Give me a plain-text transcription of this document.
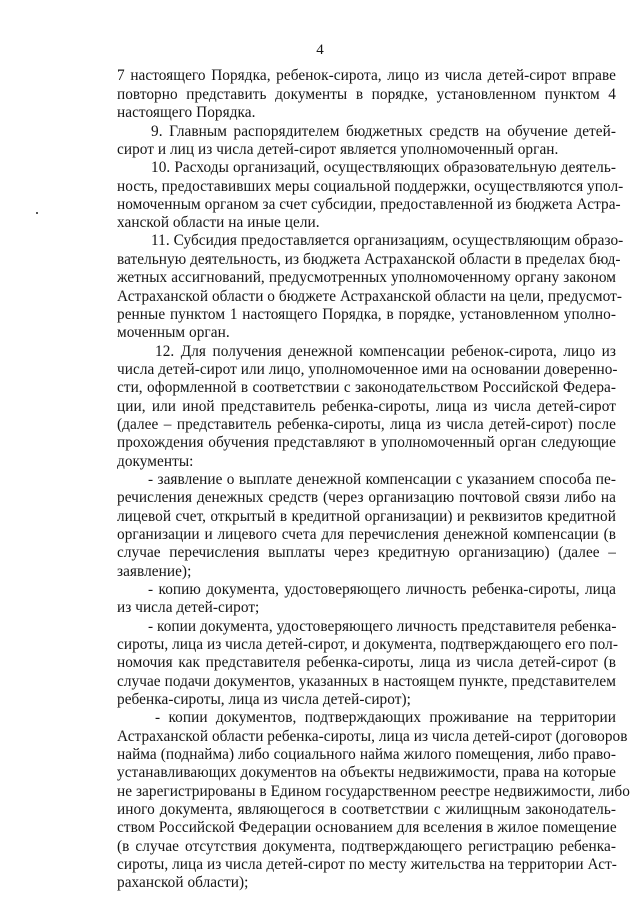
4
7 настоящего Порядка, ребенок-сирота, лицо из числа детей-сирот вправе
повторно представить документы в порядке, установленном пунктом 4
настоящего Порядка.
9. Главным распорядителем бюджетных средств на обучение детей-
сирот и лиц из числа детей-сирот является уполномоченный орган.
10. Расходы организаций, осуществляющих образовательную деятель-
ность, предоставивших меры социальной поддержки, осуществляются упол-
номоченным органом за счет субсидии, предоставленной из бюджета Астра-
ханской области на иные цели.
11. Субсидия предоставляется организациям, осуществляющим образо-
вательную деятельность, из бюджета Астраханской области в пределах бюд-
жетных ассигнований, предусмотренных уполномоченному органу законом
Астраханской области о бюджете Астраханской области на цели, предусмот-
ренные пунктом 1 настоящего Порядка, в порядке, установленном уполно-
моченным орган.
12. Для получения денежной компенсации ребенок-сирота, лицо из
числа детей-сирот или лицо, уполномоченное ими на основании доверенно-
сти, оформленной в соответствии с законодательством Российской Федера-
ции, или иной представитель ребенка-сироты, лица из числа детей-сирот
(далее – представитель ребенка-сироты, лица из числа детей-сирот) после
прохождения обучения представляют в уполномоченный орган следующие
документы:
- заявление о выплате денежной компенсации с указанием способа пе-
речисления денежных средств (через организацию почтовой связи либо на
лицевой счет, открытый в кредитной организации) и реквизитов кредитной
организации и лицевого счета для перечисления денежной компенсации (в
случае перечисления выплаты через кредитную организацию) (далее –
заявление);
- копию документа, удостоверяющего личность ребенка-сироты, лица
из числа детей-сирот;
- копии документа, удостоверяющего личность представителя ребенка-
сироты, лица из числа детей-сирот, и документа, подтверждающего его пол-
номочия как представителя ребенка-сироты, лица из числа детей-сирот (в
случае подачи документов, указанных в настоящем пункте, представителем
ребенка-сироты, лица из числа детей-сирот);
- копии документов, подтверждающих проживание на территории
Астраханской области ребенка-сироты, лица из числа детей-сирот (договоров
найма (поднайма) либо социального найма жилого помещения, либо право-
устанавливающих документов на объекты недвижимости, права на которые
не зарегистрированы в Едином государственном реестре недвижимости, либо
иного документа, являющегося в соответствии с жилищным законодатель-
ством Российской Федерации основанием для вселения в жилое помещение
(в случае отсутствия документа, подтверждающего регистрацию ребенка-
сироты, лица из числа детей-сирот по месту жительства на территории Аст-
раханской области);
